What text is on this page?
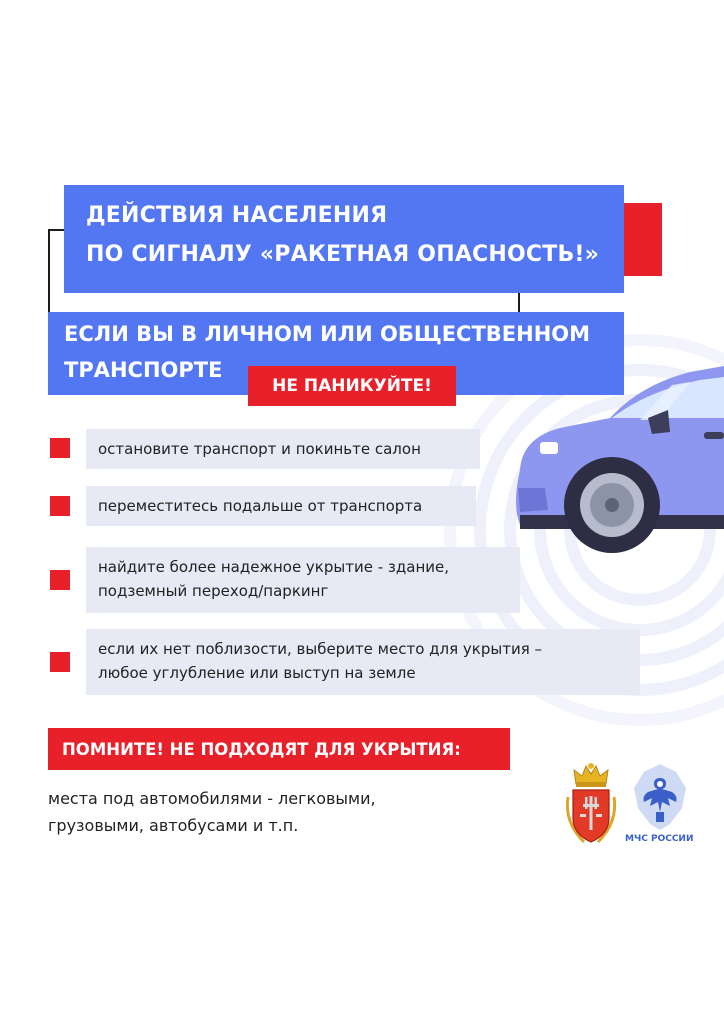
ДЕЙСТВИЯ НАСЕЛЕНИЯ
ПО СИГНАЛУ «РАКЕТНАЯ ОПАСНОСТЬ!»
ЕСЛИ ВЫ В ЛИЧНОМ ИЛИ ОБЩЕСТВЕННОМ
ТРАНСПОРТЕ
НЕ ПАНИКУЙТЕ!
остановите транспорт и покиньте салон
переместитесь подальше от транспорта
найдите более надежное укрытие - здание,
подземный переход/паркинг
если их нет поблизости, выберите место для укрытия –
любое углубление или выступ на земле
ПОМНИТЕ! НЕ ПОДХОДЯТ ДЛЯ УКРЫТИЯ:
места под автомобилями - легковыми,
грузовыми, автобусами и т.п.
МЧС РОССИИ
